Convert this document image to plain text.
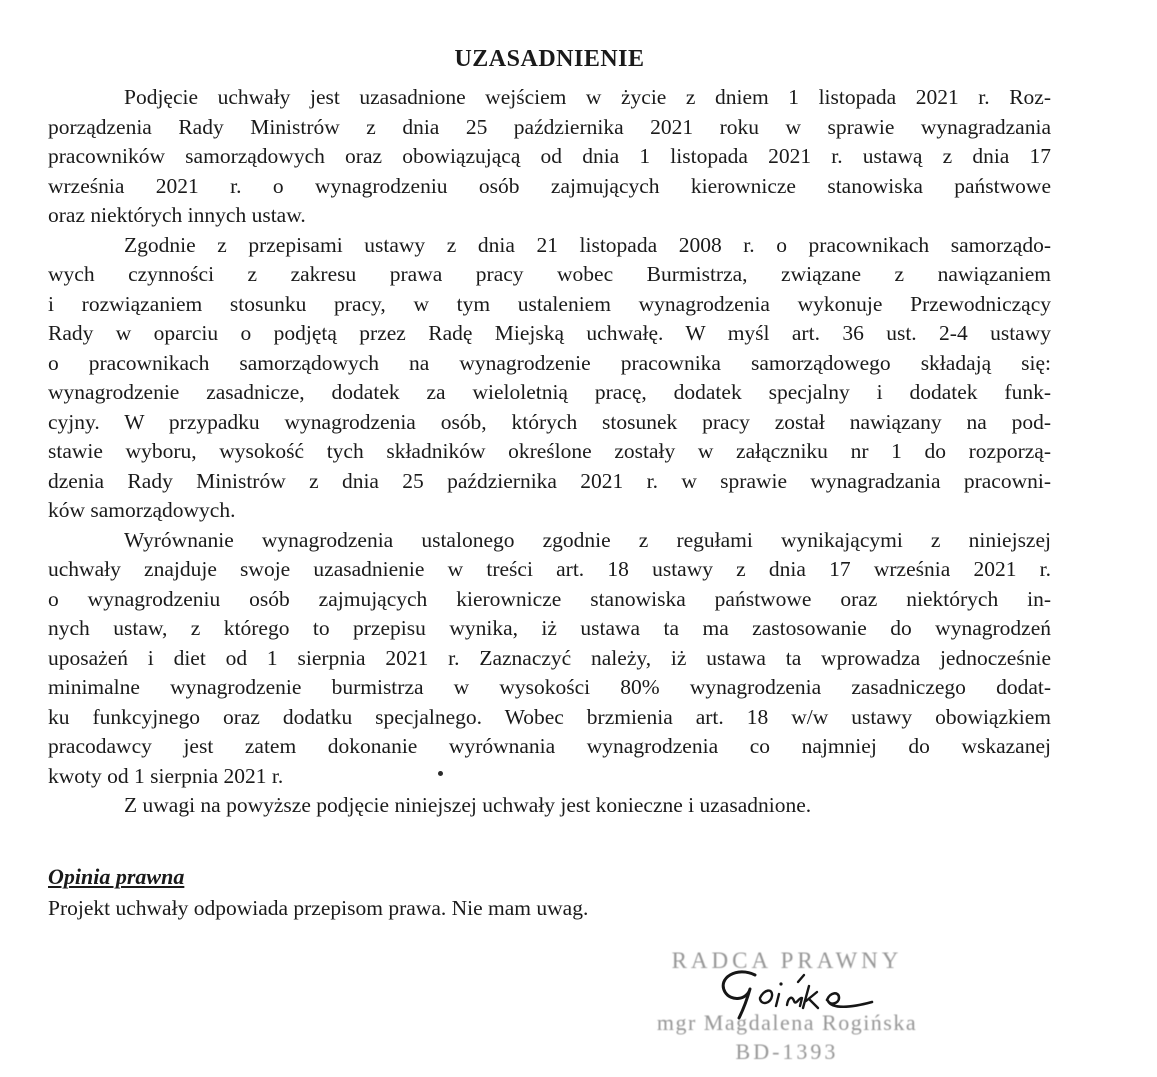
UZASADNIENIE
Podjęcie uchwały jest uzasadnione wejściem w życie z dniem 1 listopada 2021 r. Roz-
porządzenia Rady Ministrów z dnia 25 października 2021 roku w sprawie wynagradzania
pracowników samorządowych oraz obowiązującą od dnia 1 listopada 2021 r. ustawą z dnia 17
września 2021 r. o wynagrodzeniu osób zajmujących kierownicze stanowiska państwowe
oraz niektórych innych ustaw.
Zgodnie z przepisami ustawy z dnia 21 listopada 2008 r. o pracownikach samorządo-
wych czynności z zakresu prawa pracy wobec Burmistrza, związane z nawiązaniem
i rozwiązaniem stosunku pracy, w tym ustaleniem wynagrodzenia wykonuje Przewodniczący
Rady w oparciu o podjętą przez Radę Miejską uchwałę. W myśl art. 36 ust. 2-4 ustawy
o pracownikach samorządowych na wynagrodzenie pracownika samorządowego składają się:
wynagrodzenie zasadnicze, dodatek za wieloletnią pracę, dodatek specjalny i dodatek funk-
cyjny. W przypadku wynagrodzenia osób, których stosunek pracy został nawiązany na pod-
stawie wyboru, wysokość tych składników określone zostały w załączniku nr 1 do rozporzą-
dzenia Rady Ministrów z dnia 25 października 2021 r. w sprawie wynagradzania pracowni-
ków samorządowych.
Wyrównanie wynagrodzenia ustalonego zgodnie z regułami wynikającymi z niniejszej
uchwały znajduje swoje uzasadnienie w treści art. 18 ustawy z dnia 17 września 2021 r.
o wynagrodzeniu osób zajmujących kierownicze stanowiska państwowe oraz niektórych in-
nych ustaw, z którego to przepisu wynika, iż ustawa ta ma zastosowanie do wynagrodzeń
uposażeń i diet od 1 sierpnia 2021 r. Zaznaczyć należy, iż ustawa ta wprowadza jednocześnie
minimalne wynagrodzenie burmistrza w wysokości 80% wynagrodzenia zasadniczego dodat-
ku funkcyjnego oraz dodatku specjalnego. Wobec brzmienia art. 18 w/w ustawy obowiązkiem
pracodawcy jest zatem dokonanie wyrównania wynagrodzenia co najmniej do wskazanej
kwoty od 1 sierpnia 2021 r.
Z uwagi na powyższe podjęcie niniejszej uchwały jest konieczne i uzasadnione.
Opinia prawna
Projekt uchwały odpowiada przepisom prawa. Nie mam uwag.
RADCA PRAWNY
mgr Magdalena Rogińska
BD-1393
